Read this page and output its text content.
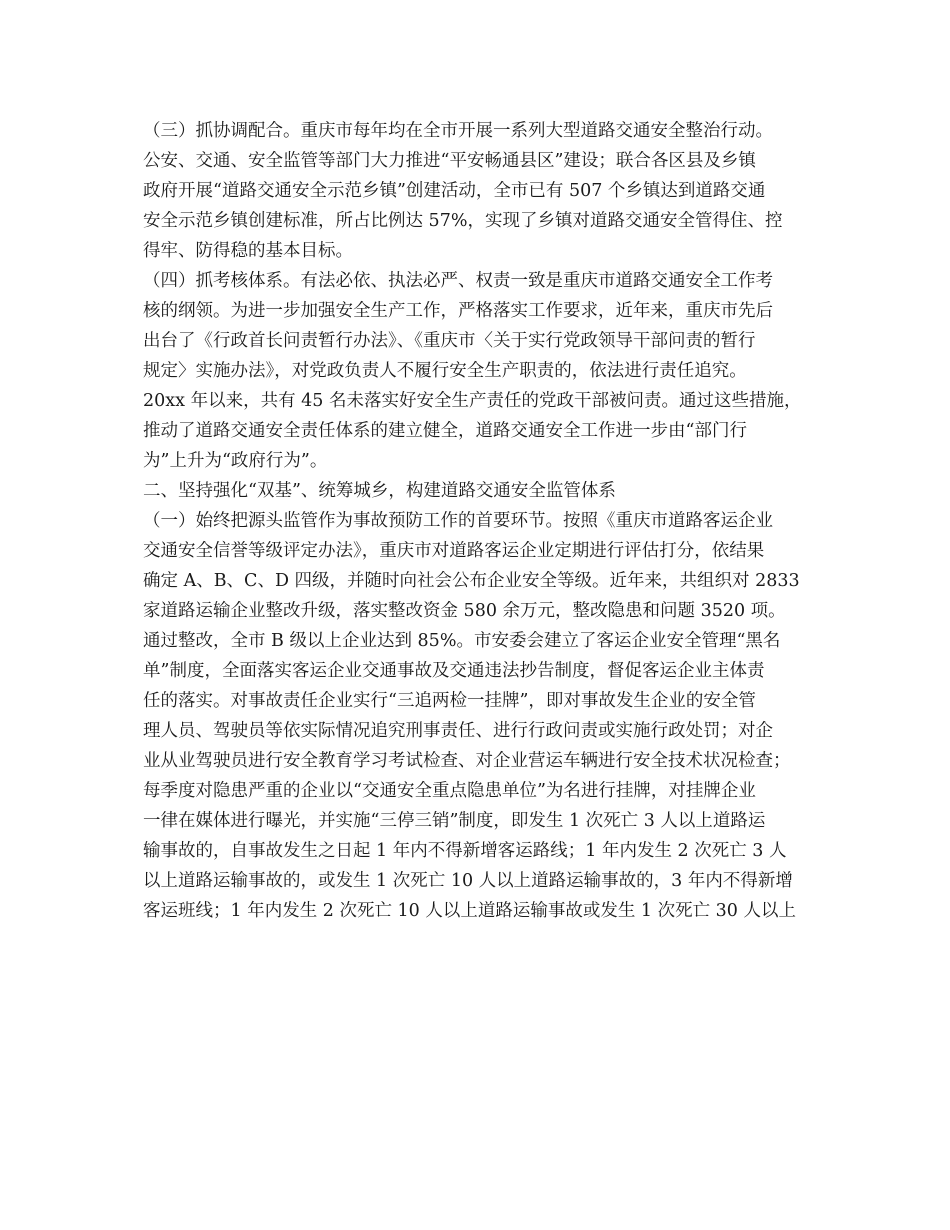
（三）抓协调配合。重庆市每年均在全市开展一系列大型道路交通安全整治行动。
公安、交通、安全监管等部门大力推进“平安畅通县区”建设；联合各区县及乡镇
政府开展“道路交通安全示范乡镇”创建活动，全市已有 507 个乡镇达到道路交通
安全示范乡镇创建标准，所占比例达 57%，实现了乡镇对道路交通安全管得住、控
得牢、防得稳的基本目标。
（四）抓考核体系。有法必依、执法必严、权责一致是重庆市道路交通安全工作考
核的纲领。为进一步加强安全生产工作，严格落实工作要求，近年来，重庆市先后
出台了《行政首长问责暂行办法》、《重庆市〈关于实行党政领导干部问责的暂行
规定〉实施办法》，对党政负责人不履行安全生产职责的，依法进行责任追究。
20xx 年以来，共有 45 名未落实好安全生产责任的党政干部被问责。通过这些措施，
推动了道路交通安全责任体系的建立健全，道路交通安全工作进一步由“部门行
为”上升为“政府行为”。
二、坚持强化“双基”、统筹城乡，构建道路交通安全监管体系
（一）始终把源头监管作为事故预防工作的首要环节。按照《重庆市道路客运企业
交通安全信誉等级评定办法》，重庆市对道路客运企业定期进行评估打分，依结果
确定 A、B、C、D 四级，并随时向社会公布企业安全等级。近年来，共组织对 2833
家道路运输企业整改升级，落实整改资金 580 余万元，整改隐患和问题 3520 项。
通过整改，全市 B 级以上企业达到 85%。市安委会建立了客运企业安全管理“黑名
单”制度，全面落实客运企业交通事故及交通违法抄告制度，督促客运企业主体责
任的落实。对事故责任企业实行“三追两检一挂牌”，即对事故发生企业的安全管
理人员、驾驶员等依实际情况追究刑事责任、进行行政问责或实施行政处罚；对企
业从业驾驶员进行安全教育学习考试检查、对企业营运车辆进行安全技术状况检查；
每季度对隐患严重的企业以“交通安全重点隐患单位”为名进行挂牌，对挂牌企业
一律在媒体进行曝光，并实施“三停三销”制度，即发生 1 次死亡 3 人以上道路运
输事故的，自事故发生之日起 1 年内不得新增客运路线；1 年内发生 2 次死亡 3 人
以上道路运输事故的，或发生 1 次死亡 10 人以上道路运输事故的，3 年内不得新增
客运班线；1 年内发生 2 次死亡 10 人以上道路运输事故或发生 1 次死亡 30 人以上
